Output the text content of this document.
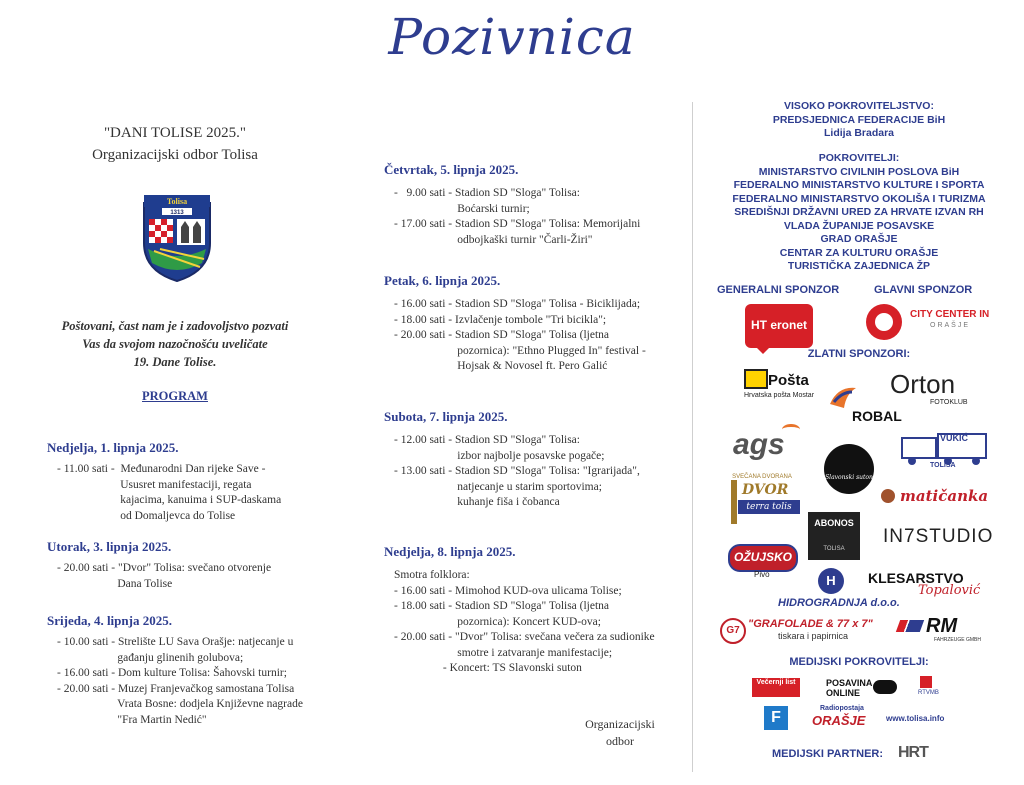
Pozivnica
"DANI TOLISE 2025."
Organizacijski odbor Tolisa
Tolisa
1313
Poštovani, čast nam je i zadovoljstvo pozvati
Vas da svojom nazočnošću uveličate
19. Dane Tolise.
PROGRAM
Nedjelja, 1. lipnja 2025.
- 11.00 sati -  Međunarodni Dan rijeke Save -
Ususret manifestaciji, regata
kajacima, kanuima i SUP-daskama
od Domaljevca do Tolise
Utorak, 3. lipnja 2025.
- 20.00 sati - "Dvor" Tolisa: svečano otvorenje
Dana Tolise
Srijeda, 4. lipnja 2025.
- 10.00 sati - Strelište LU Sava Orašje: natjecanje u
gađanju glinenih golubova;
- 16.00 sati - Dom kulture Tolisa: Šahovski turnir;
- 20.00 sati - Muzej Franjevačkog samostana Tolisa
Vrata Bosne: dodjela Književne nagrade
"Fra Martin Nedić"
Četvrtak, 5. lipnja 2025.
-   9.00 sati - Stadion SD "Sloga" Tolisa:
Boćarski turnir;
- 17.00 sati - Stadion SD "Sloga" Tolisa: Memorijalni
odbojkaški turnir "Čarli-Žiri"
Petak, 6. lipnja 2025.
- 16.00 sati - Stadion SD "Sloga" Tolisa - Biciklijada;
- 18.00 sati - Izvlačenje tombole "Tri bicikla";
- 20.00 sati - Stadion SD "Sloga" Tolisa (ljetna
pozornica): "Ethno Plugged In" festival -
Hojsak & Novosel ft. Pero Galić
Subota, 7. lipnja 2025.
- 12.00 sati - Stadion SD "Sloga" Tolisa:
izbor najbolje posavske pogače;
- 13.00 sati - Stadion SD "Sloga" Tolisa: "Igrarijada",
natjecanje u starim sportovima;
kuhanje fiša i čobanca
Nedjelja, 8. lipnja 2025.
Smotra folklora:
- 16.00 sati - Mimohod KUD-ova ulicama Tolise;
- 18.00 sati - Stadion SD "Sloga" Tolisa (ljetna
pozornica): Koncert KUD-ova;
- 20.00 sati - "Dvor" Tolisa: svečana večera za sudionike
smotre i zatvaranje manifestacije;
- Koncert: TS Slavonski suton
Organizacijski
odbor
VISOKO POKROVITELJSTVO:
PREDSJEDNICA FEDERACIJE BiH
Lidija Bradara
POKROVITELJI:
MINISTARSTVO CIVILNIH POSLOVA BiH
FEDERALNO MINISTARSTVO KULTURE I SPORTA
FEDERALNO MINISTARSTVO OKOLIŠA I TURIZMA
SREDIŠNJI DRŽAVNI URED ZA HRVATE IZVAN RH
VLADA ŽUPANIJE POSAVSKE
GRAD ORAŠJE
CENTAR ZA KULTURU ORAŠJE
TURISTIČKA ZAJEDNICA ŽP
GENERALNI SPONZOR	GLAVNI SPONZOR
HT eronet
CITY CENTER IN
ORAŠJE
ZLATNI SPONZORI:
Pošta
Hrvatska pošta Mostar	Orton
FOTOKLUB
ROBAL
ags	VUKIĆ
TOLISA
Slavonski suton
SVEČANA DVORANA
DVOR
terra tolis
matičanka
ABONOS
TOLISA
IN7STUDIO
OŽUJSKO
Pivo	H
HIDROGRADNJA d.o.o.
KLESARSTVO
Topalović
G7
"GRAFOLADE & 77 x 7"
tiskara i papirnica	RM
FAHRZEUGE GMBH
MEDIJSKI POKROVITELJI:
Večernji list	POSAVINA ONLINE	RTVMB
F
Radiopostaja
ORAŠJE	www.tolisa.info
MEDIJSKI PARTNER: HRT
